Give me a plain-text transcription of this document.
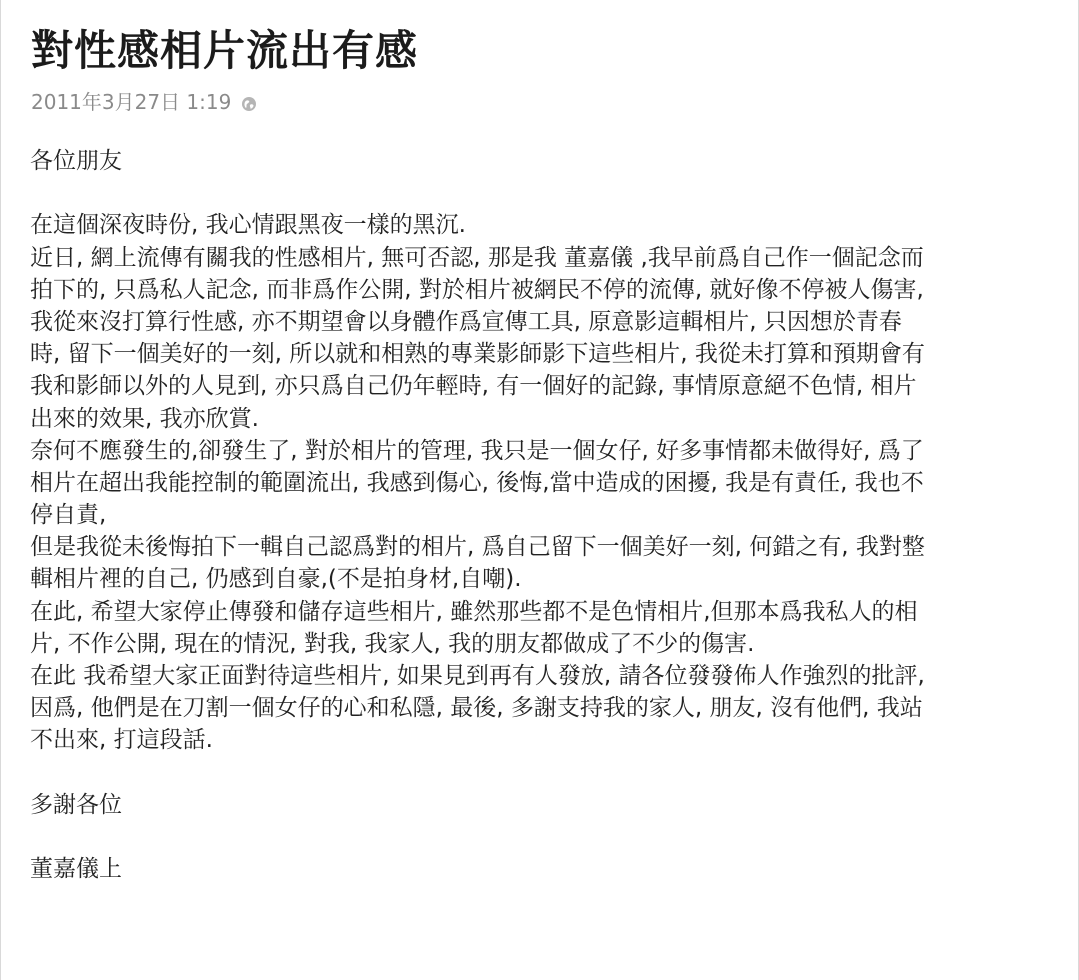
對性感相片流出有感
2011年3月27日 1:19
各位朋友
在這個深夜時份, 我心情跟黑夜一樣的黑沉.
近日, 網上流傳有關我的性感相片, 無可否認, 那是我 董嘉儀 ,我早前爲自己作一個記念而
拍下的, 只爲私人記念, 而非爲作公開, 對於相片被網民不停的流傳, 就好像不停被人傷害,
我從來沒打算行性感, 亦不期望會以身體作爲宣傳工具, 原意影這輯相片, 只因想於青春
時, 留下一個美好的一刻, 所以就和相熟的專業影師影下這些相片, 我從未打算和預期會有
我和影師以外的人見到, 亦只爲自己仍年輕時, 有一個好的記錄, 事情原意絕不色情, 相片
出來的效果, 我亦欣賞.
奈何不應發生的,卻發生了, 對於相片的管理, 我只是一個女仔, 好多事情都未做得好, 爲了
相片在超出我能控制的範圍流出, 我感到傷心, 後悔,當中造成的困擾, 我是有責任, 我也不
停自責,
但是我從未後悔拍下一輯自己認爲對的相片, 爲自己留下一個美好一刻, 何錯之有, 我對整
輯相片裡的自己, 仍感到自豪,(不是拍身材,自嘲).
在此, 希望大家停止傳發和儲存這些相片, 雖然那些都不是色情相片,但那本爲我私人的相
片, 不作公開, 現在的情況, 對我, 我家人, 我的朋友都做成了不少的傷害.
在此 我希望大家正面對待這些相片, 如果見到再有人發放, 請各位發發佈人作強烈的批評,
因爲, 他們是在刀割一個女仔的心和私隱, 最後, 多謝支持我的家人, 朋友, 沒有他們, 我站
不出來, 打這段話.
多謝各位
董嘉儀上
